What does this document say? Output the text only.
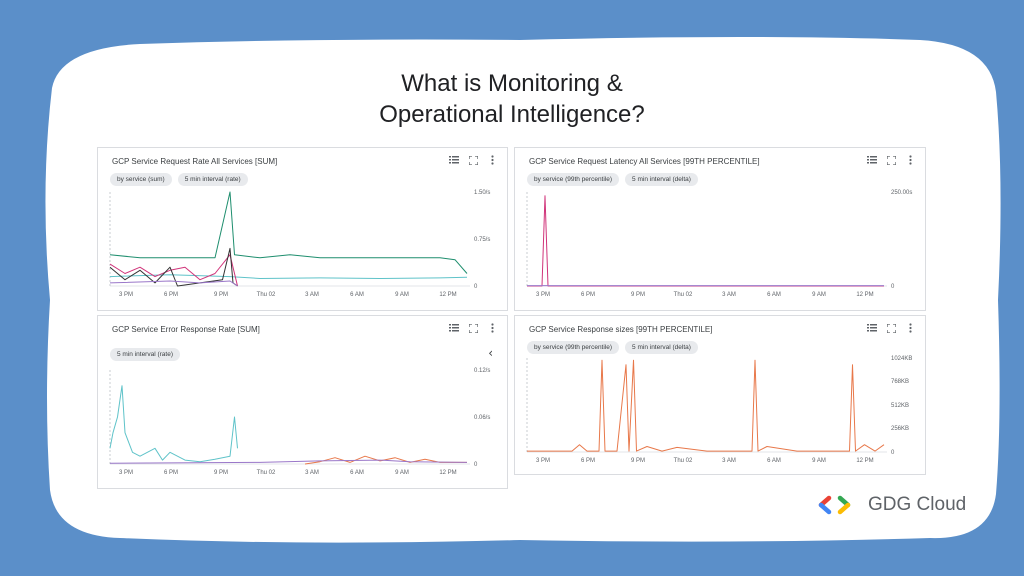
What is Monitoring &
Operational Intelligence?
GCP Service Request Rate All Services [SUM]
by service (sum)	5 min interval (rate)
1.50/s
0.75/s
0
3 PM	6 PM	9 PM	Thu 02	3 AM	6 AM	9 AM	12 PM
GCP Service Request Latency All Services [99TH PERCENTILE]
by service (99th percentile)	5 min interval (delta)
250.00s
0
3 PM	6 PM	9 PM	Thu 02	3 AM	6 AM	9 AM	12 PM
GCP Service Error Response Rate [SUM]
5 min interval (rate)	‹
0.12/s
0.06/s
0
3 PM	6 PM	9 PM	Thu 02	3 AM	6 AM	9 AM	12 PM
GCP Service Response sizes [99TH PERCENTILE]
by service (99th percentile)	5 min interval (delta)
1024KB
768KB
512KB
256KB
0
3 PM	6 PM	9 PM	Thu 02	3 AM	6 AM	9 AM	12 PM
GDG Cloud
